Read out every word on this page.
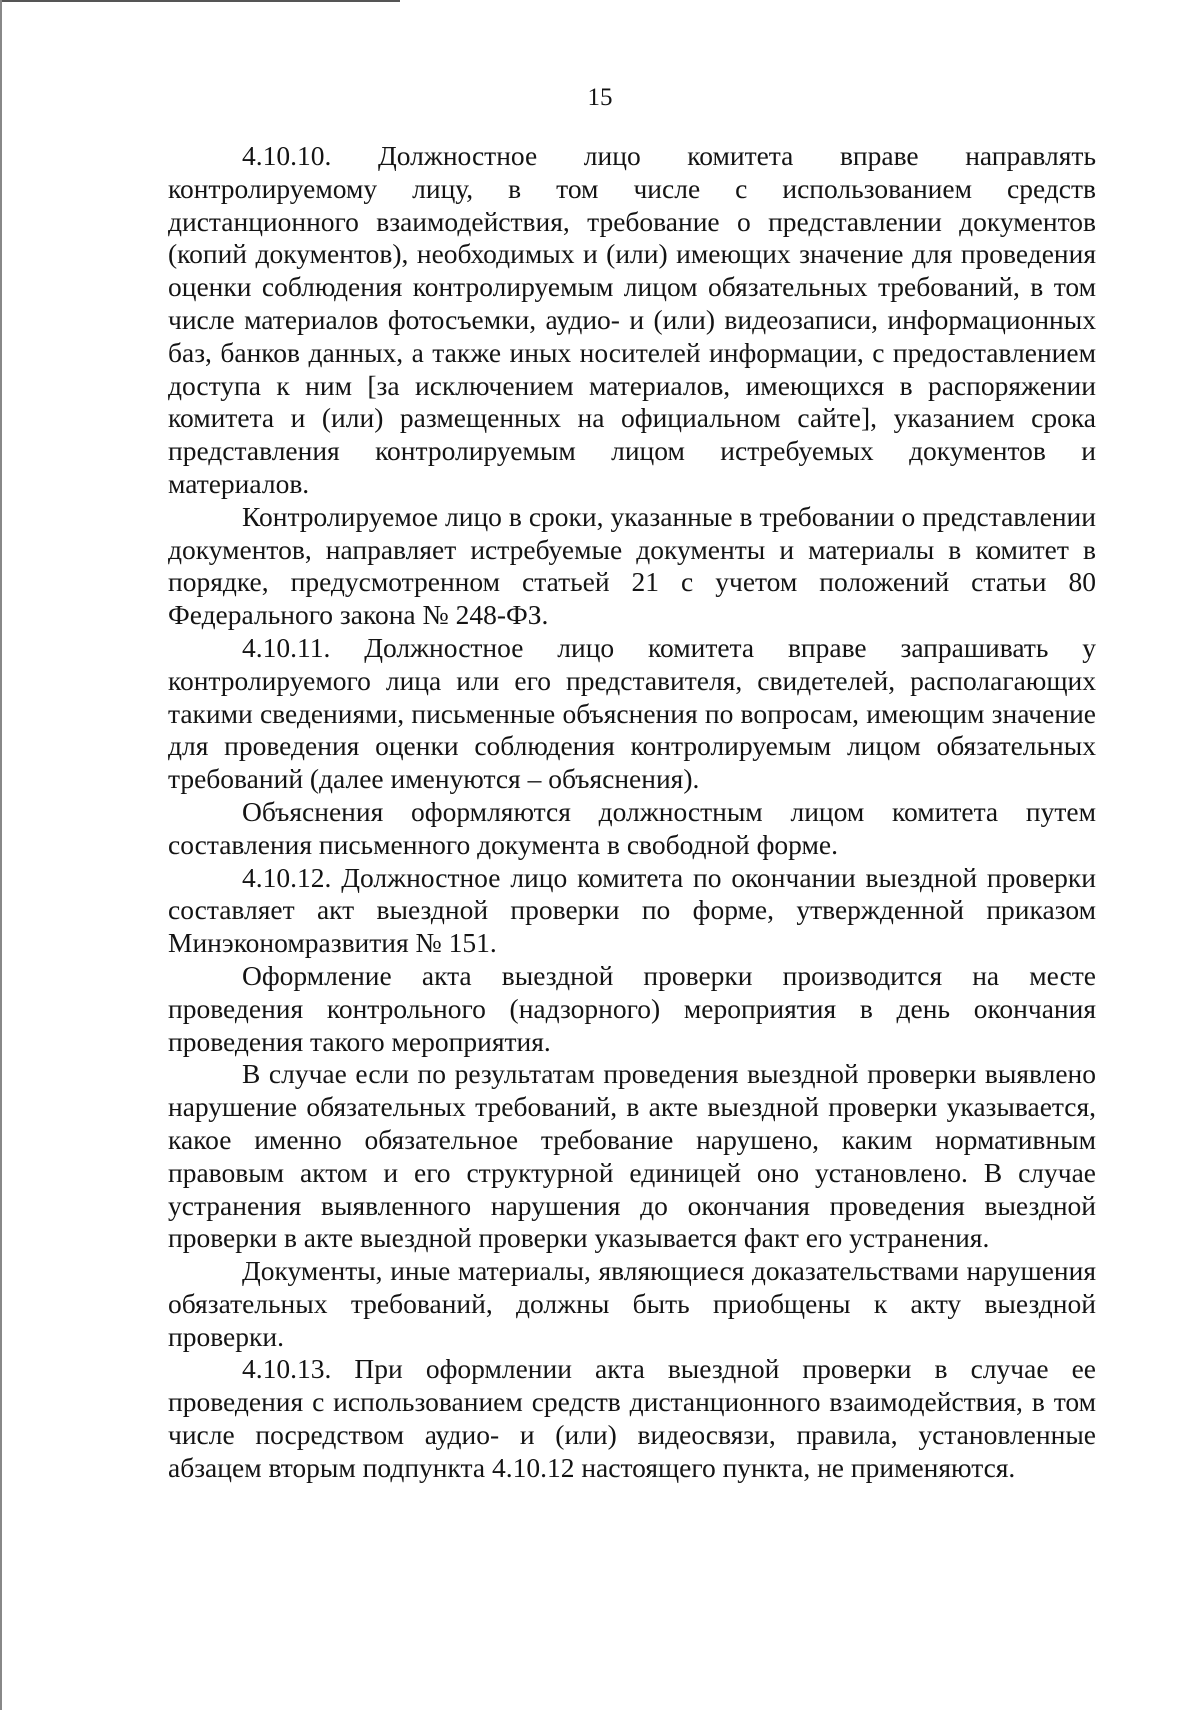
15

4.10.10. Должностное лицо комитета вправе направлять контролируемому лицу, в том числе с использованием средств дистанционного взаимодействия, требование о представлении документов (копий документов), необходимых и (или) имеющих значение для проведения оценки соблюдения контролируемым лицом обязательных требований, в том числе материалов фотосъемки, аудио- и (или) видеозаписи, информационных баз, банков данных, а также иных носителей информации, с предоставлением доступа к ним [за исключением материалов, имеющихся в распоряжении комитета и (или) размещенных на официальном сайте], указанием срока представления контролируемым лицом истребуемых документов и материалов.

Контролируемое лицо в сроки, указанные в требовании о представлении документов, направляет истребуемые документы и материалы в комитет в порядке, предусмотренном статьей 21 с учетом положений статьи 80 Федерального закона № 248-ФЗ.

4.10.11. Должностное лицо комитета вправе запрашивать у контролируемого лица или его представителя, свидетелей, располагающих такими сведениями, письменные объяснения по вопросам, имеющим значение для проведения оценки соблюдения контролируемым лицом обязательных требований (далее именуются – объяснения).

Объяснения оформляются должностным лицом комитета путем составления письменного документа в свободной форме.

4.10.12. Должностное лицо комитета по окончании выездной проверки составляет акт выездной проверки по форме, утвержденной приказом Минэкономразвития № 151.

Оформление акта выездной проверки производится на месте проведения контрольного (надзорного) мероприятия в день окончания проведения такого мероприятия.

В случае если по результатам проведения выездной проверки выявлено нарушение обязательных требований, в акте выездной проверки указывается, какое именно обязательное требование нарушено, каким нормативным правовым актом и его структурной единицей оно установлено. В случае устранения выявленного нарушения до окончания проведения выездной проверки в акте выездной проверки указывается факт его устранения.

Документы, иные материалы, являющиеся доказательствами нарушения обязательных требований, должны быть приобщены к акту выездной проверки.

4.10.13. При оформлении акта выездной проверки в случае ее проведения с использованием средств дистанционного взаимодействия, в том числе посредством аудио- и (или) видеосвязи, правила, установленные абзацем вторым подпункта 4.10.12 настоящего пункта, не применяются.
